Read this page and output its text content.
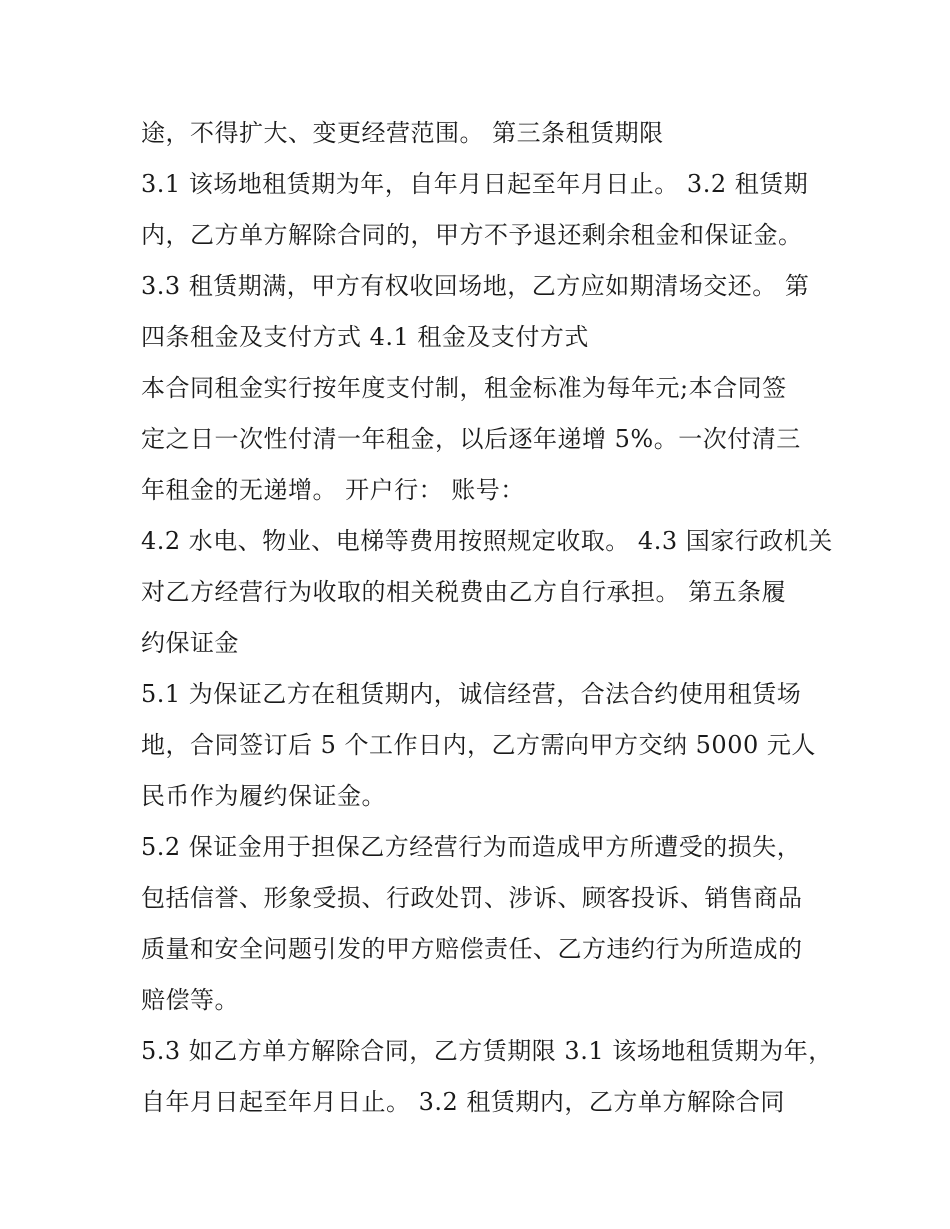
途，不得扩大、变更经营范围。 第三条租赁期限
3.1 该场地租赁期为年，自年月日起至年月日止。 3.2 租赁期
内，乙方单方解除合同的，甲方不予退还剩余租金和保证金。
3.3 租赁期满，甲方有权收回场地，乙方应如期清场交还。 第
四条租金及支付方式 4.1 租金及支付方式
本合同租金实行按年度支付制，租金标准为每年元;本合同签
定之日一次性付清一年租金，以后逐年递增 5%。一次付清三
年租金的无递增。 开户行： 账号：
4.2 水电、物业、电梯等费用按照规定收取。 4.3 国家行政机关
对乙方经营行为收取的相关税费由乙方自行承担。 第五条履
约保证金
5.1 为保证乙方在租赁期内，诚信经营，合法合约使用租赁场
地，合同签订后 5 个工作日内，乙方需向甲方交纳 5000 元人
民币作为履约保证金。
5.2 保证金用于担保乙方经营行为而造成甲方所遭受的损失，
包括信誉、形象受损、行政处罚、涉诉、顾客投诉、销售商品
质量和安全问题引发的甲方赔偿责任、乙方违约行为所造成的
赔偿等。
5.3 如乙方单方解除合同，乙方赁期限 3.1 该场地租赁期为年，
自年月日起至年月日止。 3.2 租赁期内，乙方单方解除合同
